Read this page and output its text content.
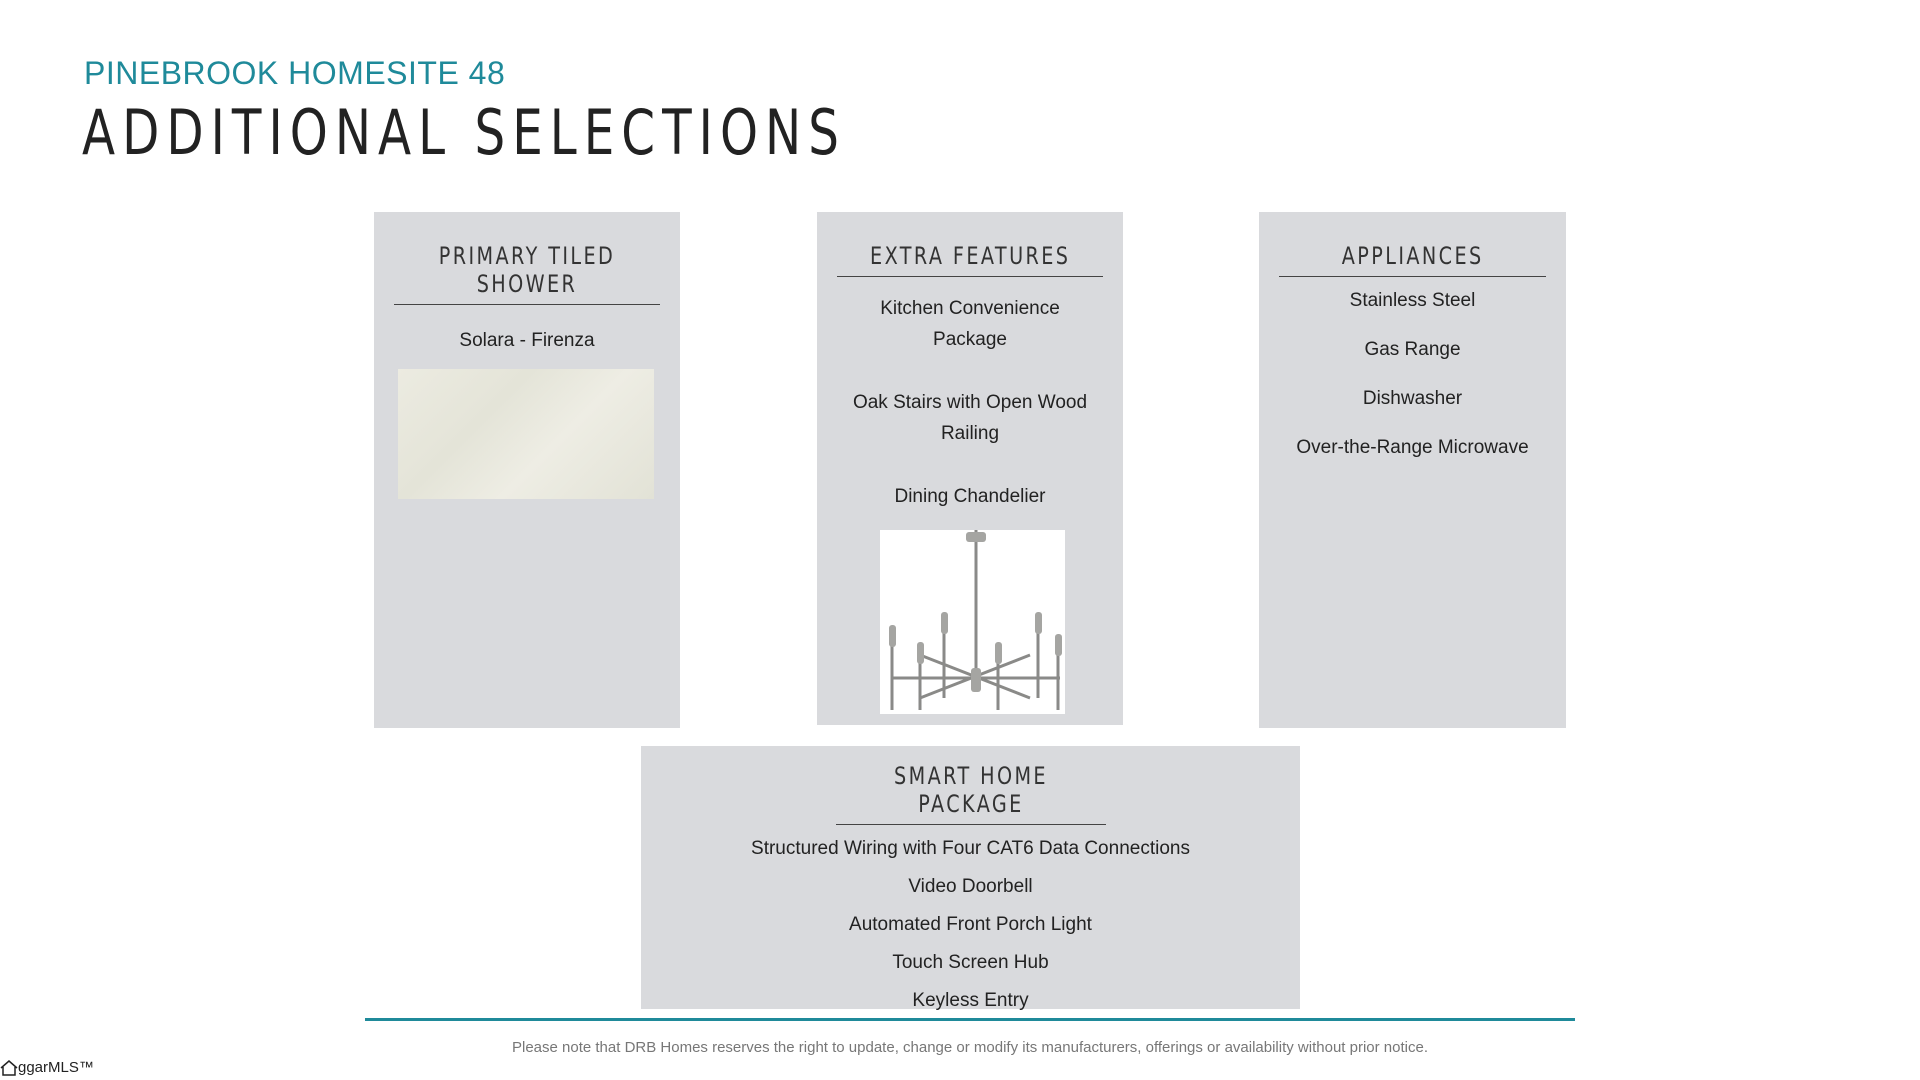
PINEBROOK HOMESITE 48
ADDITIONAL SELECTIONS
PRIMARY TILED SHOWER
Solara - Firenza
EXTRA FEATURES
Kitchen Convenience
Package
Oak Stairs with Open Wood
Railing
Dining Chandelier
APPLIANCES
Stainless Steel
Gas Range
Dishwasher
Over-the-Range Microwave
SMART HOME PACKAGE
Structured Wiring with Four CAT6 Data Connections
Video Doorbell
Automated Front Porch Light
Touch Screen Hub
Keyless Entry
Please note that DRB Homes reserves the right to update, change or modify its manufacturers, offerings or availability without prior notice.
ggarMLS™
